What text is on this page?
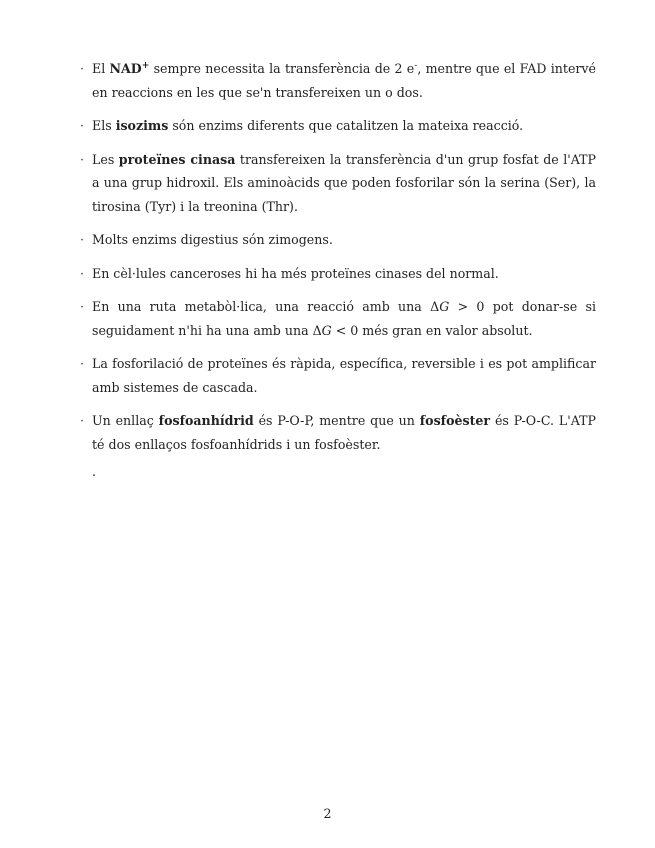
· El NAD+ sempre necessita la transferència de 2 e-, mentre que el FAD intervé en reaccions en les que se'n transfereixen un o dos.
· Els isozims són enzims diferents que catalitzen la mateixa reacció.
· Les proteïnes cinasa transfereixen la transferència d'un grup fosfat de l'ATP a una grup hidroxil. Els aminoàcids que poden fosforilar són la serina (Ser), la tirosina (Tyr) i la treonina (Thr).
· Molts enzims digestius són zimogens.
· En cèl·lules canceroses hi ha més proteïnes cinases del normal.
· En una ruta metabòl·lica, una reacció amb una ΔG > 0 pot donar-se si seguidament n'hi ha una amb una ΔG < 0 més gran en valor absolut.
· La fosforilació de proteïnes és ràpida, específica, reversible i es pot amplificar amb sistemes de cascada.
· Un enllaç fosfoanhídrid és P-O-P, mentre que un fosfoèster és P-O-C. L'ATP té dos enllaços fosfoanhídrids i un fosfoèster.
.
2
